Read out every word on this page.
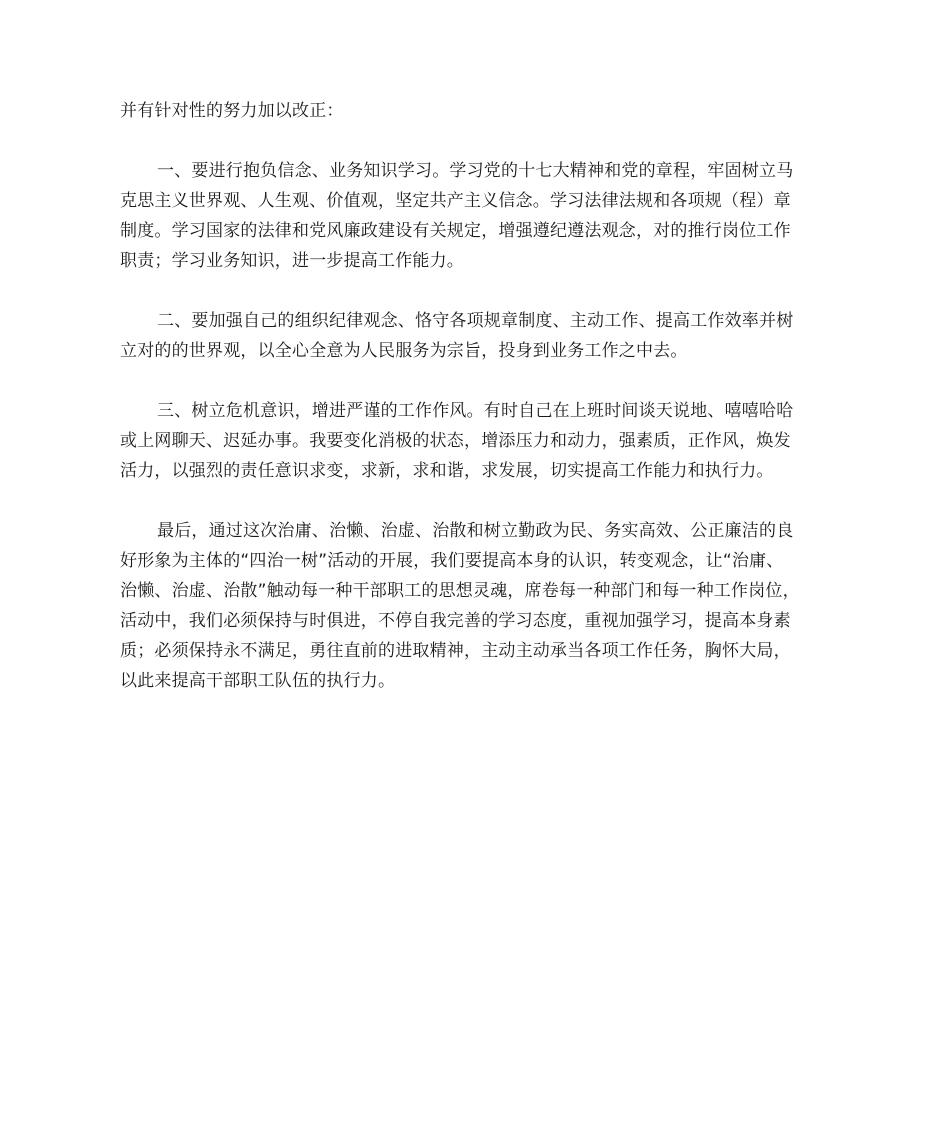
并有针对性的努力加以改正：

一、要进行抱负信念、业务知识学习。学习党的十七大精神和党的章程，牢固树立马

克思主义世界观、人生观、价值观，坚定共产主义信念。学习法律法规和各项规（程）章

制度。学习国家的法律和党风廉政建设有关规定，增强遵纪遵法观念，对的推行岗位工作

职责；学习业务知识，进一步提高工作能力。

二、要加强自己的组织纪律观念、恪守各项规章制度、主动工作、提高工作效率并树

立对的的世界观，以全心全意为人民服务为宗旨，投身到业务工作之中去。

三、树立危机意识，增进严谨的工作作风。有时自己在上班时间谈天说地、嘻嘻哈哈

或上网聊天、迟延办事。我要变化消极的状态，增添压力和动力，强素质，正作风，焕发

活力，以强烈的责任意识求变，求新，求和谐，求发展，切实提高工作能力和执行力。

最后，通过这次治庸、治懒、治虚、治散和树立勤政为民、务实高效、公正廉洁的良

好形象为主体的“四治一树”活动的开展，我们要提高本身的认识，转变观念，让“治庸、

治懒、治虚、治散”触动每一种干部职工的思想灵魂，席卷每一种部门和每一种工作岗位，

活动中，我们必须保持与时俱进，不停自我完善的学习态度，重视加强学习，提高本身素

质；必须保持永不满足，勇往直前的进取精神，主动主动承当各项工作任务，胸怀大局，

以此来提高干部职工队伍的执行力。
